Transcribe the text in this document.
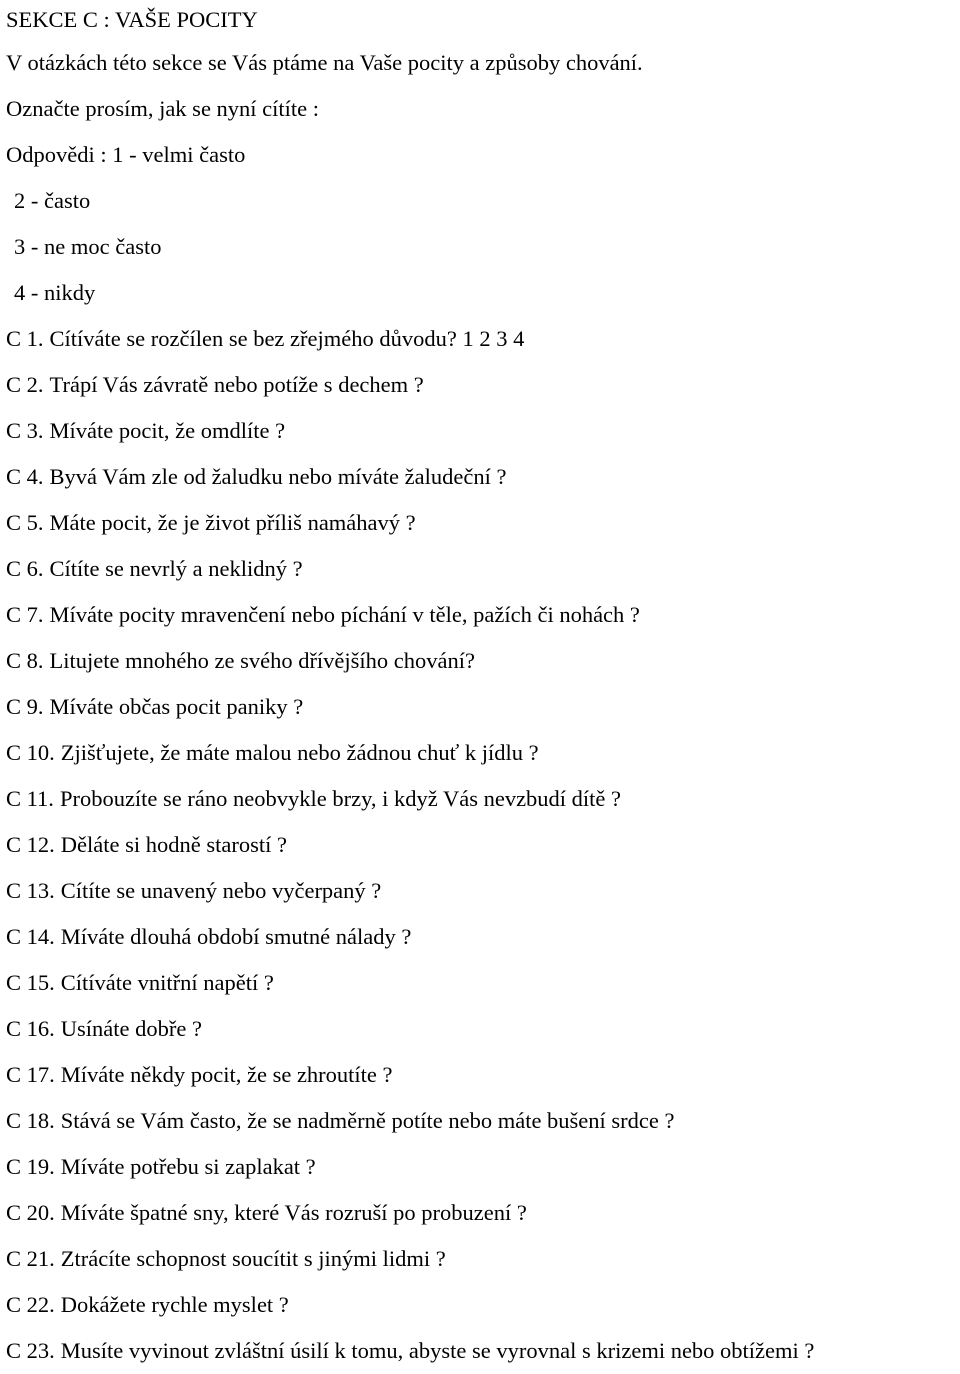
SEKCE C : VAŠE POCITY
V otázkách této sekce se Vás ptáme na Vaše pocity a způsoby chování.
Označte prosím, jak se nyní cítíte :
Odpovědi : 1 - velmi často
2 - často
3 - ne moc často
4 - nikdy
C 1. Cítíváte se rozčílen se bez zřejmého důvodu? 1 2 3 4
C 2. Trápí Vás závratě nebo potíže s dechem ?
C 3. Míváte pocit, že omdlíte ?
C 4. Byvá Vám zle od žaludku nebo míváte žaludeční ?
C 5. Máte pocit, že je život příliš namáhavý ?
C 6. Cítíte se nevrlý a neklidný ?
C 7. Míváte pocity mravenčení nebo píchání v těle, pažích či nohách ?
C 8. Litujete mnohého ze svého dřívějšího chování?
C 9. Míváte občas pocit paniky ?
C 10. Zjišťujete, že máte malou nebo žádnou chuť k jídlu ?
C 11. Probouzíte se ráno neobvykle brzy, i když Vás nevzbudí dítě ?
C 12. Děláte si hodně starostí ?
C 13. Cítíte se unavený nebo vyčerpaný ?
C 14. Míváte dlouhá období smutné nálady ?
C 15. Cítíváte vnitřní napětí ?
C 16. Usínáte dobře ?
C 17. Míváte někdy pocit, že se zhroutíte ?
C 18. Stává se Vám často, že se nadměrně potíte nebo máte bušení srdce ?
C 19. Míváte potřebu si zaplakat ?
C 20. Míváte špatné sny, které Vás rozruší po probuzení ?
C 21. Ztrácíte schopnost soucítit s jinými lidmi ?
C 22. Dokážete rychle myslet ?
C 23. Musíte vyvinout zvláštní úsilí k tomu, abyste se vyrovnal s krizemi nebo obtížemi ?
